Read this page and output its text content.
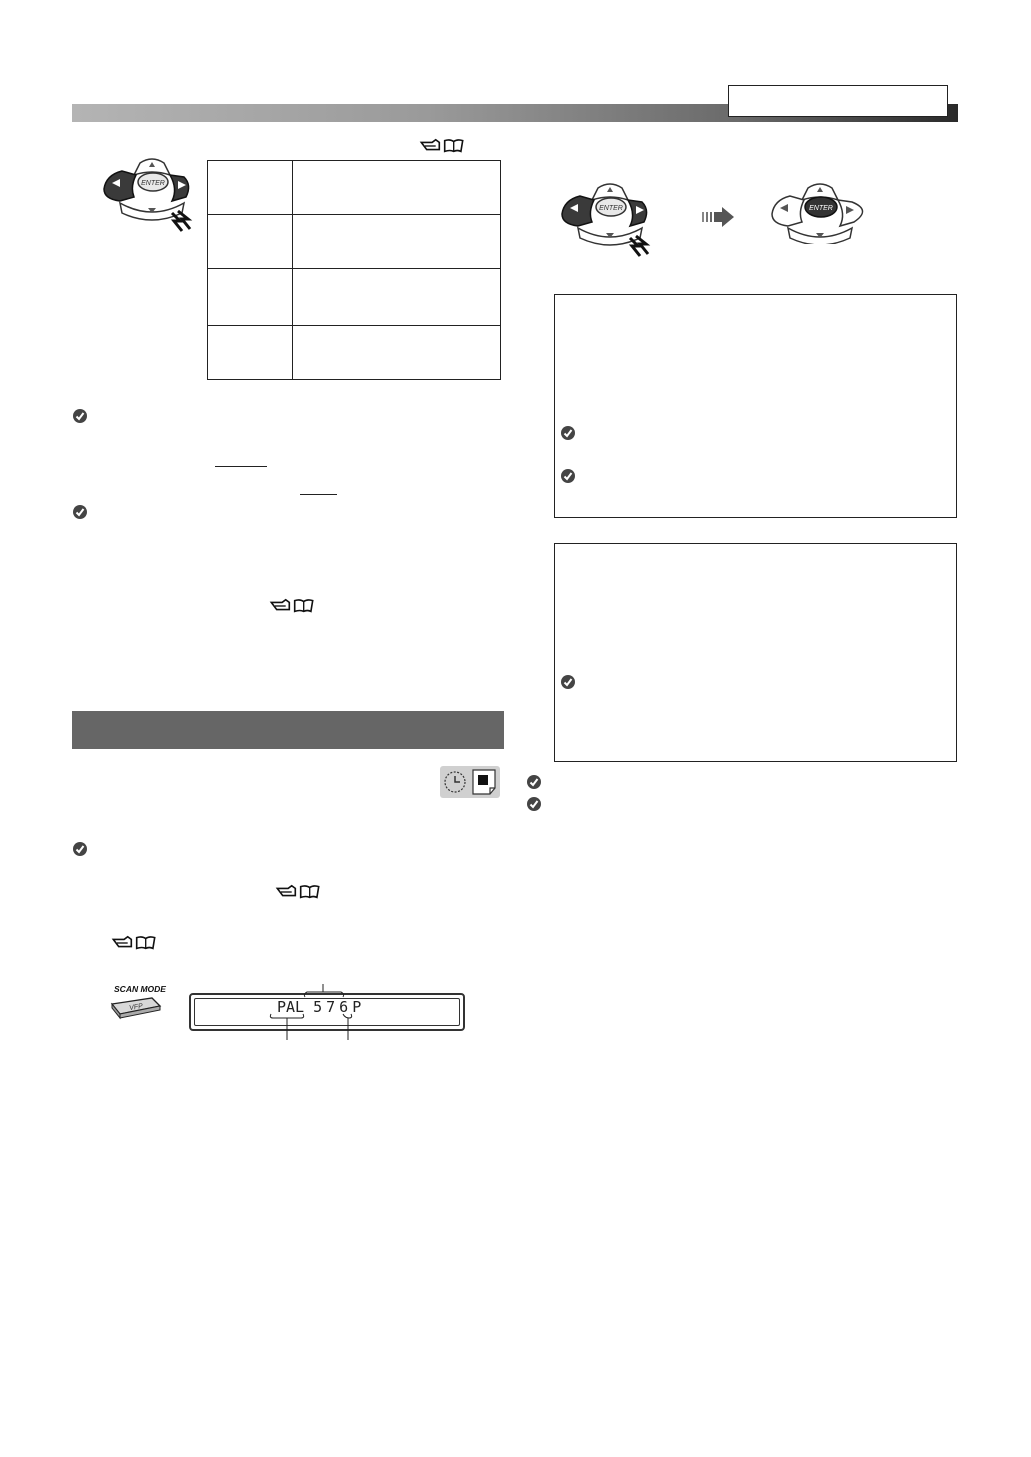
ENTER
SCAN MODE
VFP	PAL 576P
ENTER	ENTER
